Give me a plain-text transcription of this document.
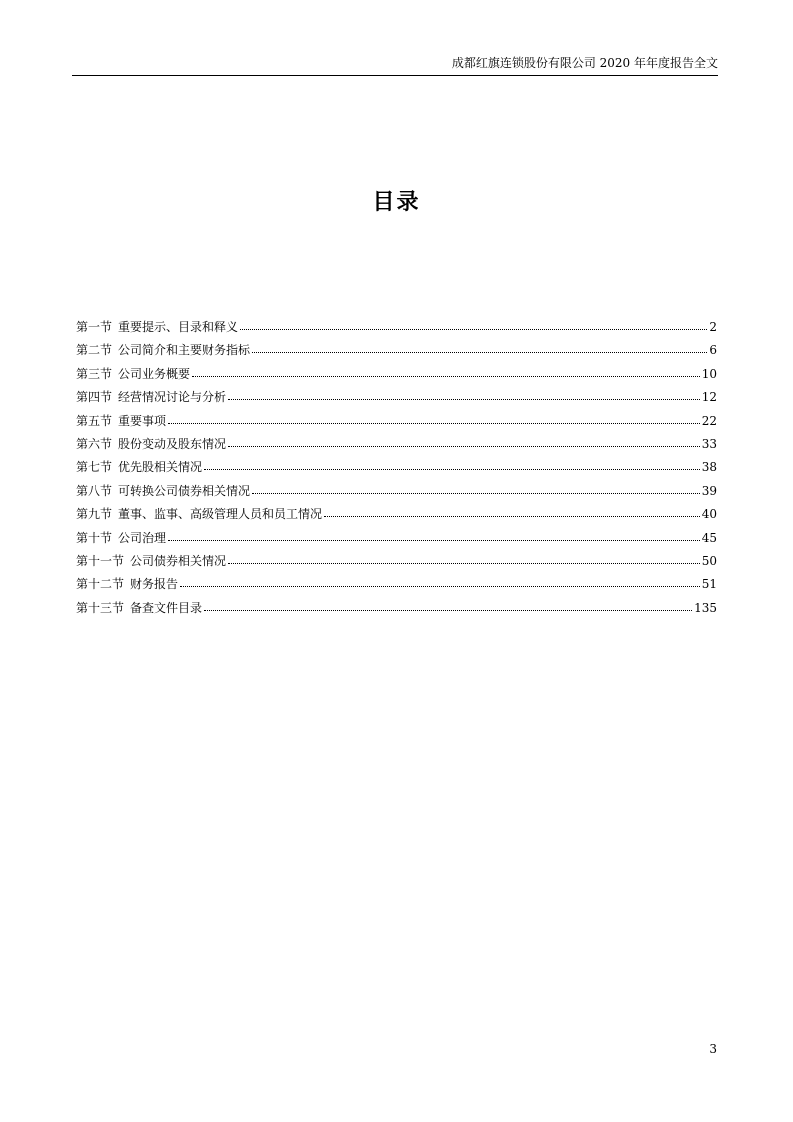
成都红旗连锁股份有限公司 2020 年年度报告全文
目录
第一节 重要提示、目录和释义	2
第二节 公司简介和主要财务指标	6
第三节 公司业务概要	10
第四节 经营情况讨论与分析	12
第五节 重要事项	22
第六节 股份变动及股东情况	33
第七节 优先股相关情况	38
第八节 可转换公司债券相关情况	39
第九节 董事、监事、高级管理人员和员工情况	40
第十节 公司治理	45
第十一节 公司债券相关情况	50
第十二节 财务报告	51
第十三节 备查文件目录	135
3
